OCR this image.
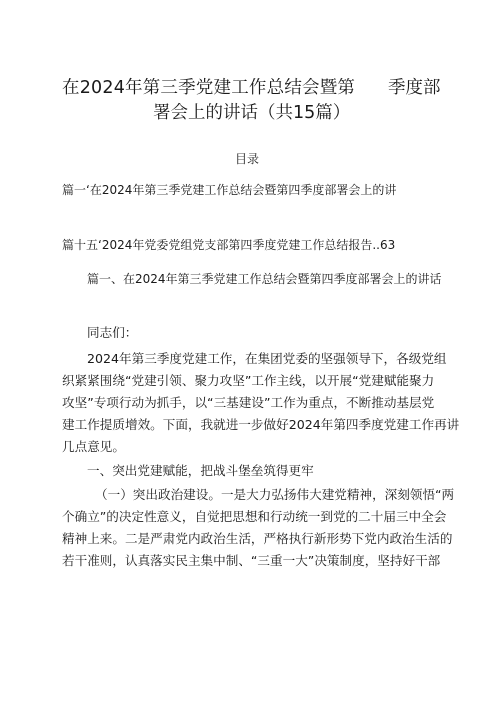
在2024年第三季党建工作总结会暨第 季度部
署会上的讲话（共15篇）
目录
篇一‘在2024年第三季党建工作总结会暨第四季度部署会上的讲
篇十五‘2024年党委党组党支部第四季度党建工作总结报告..63
篇一、在2024年第三季党建工作总结会暨第四季度部署会上的讲话
同志们：
2024年第三季度党建工作，在集团党委的坚强领导下，各级党组
织紧紧围绕“党建引领、聚力攻坚”工作主线，以开展“党建赋能聚力
攻坚”专项行动为抓手，以“三基建设”工作为重点，不断推动基层党
建工作提质增效。下面，我就进一步做好2024年第四季度党建工作再讲
几点意见。
一、突出党建赋能，把战斗堡垒筑得更牢
（一）突出政治建设。一是大力弘扬伟大建党精神，深刻领悟“两
个确立”的决定性意义，自觉把思想和行动统一到党的二十届三中全会
精神上来。二是严肃党内政治生活，严格执行新形势下党内政治生活的
若干准则，认真落实民主集中制、“三重一大”决策制度，坚持好干部
